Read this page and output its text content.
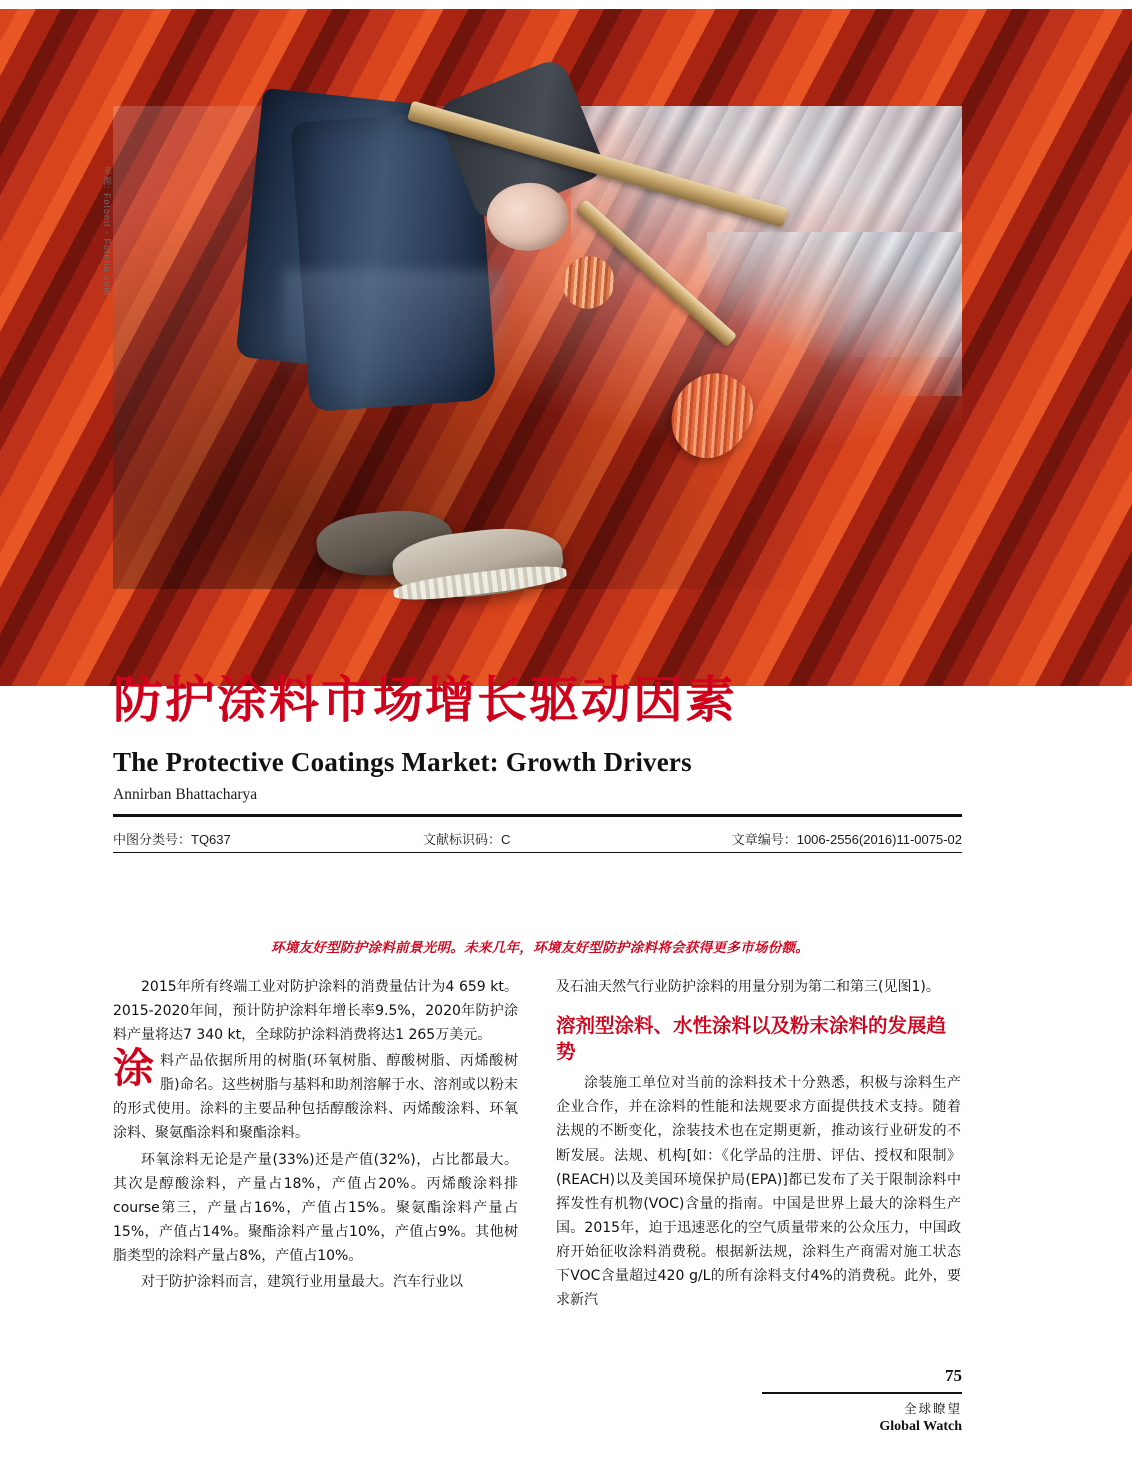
来源: Fotonit - Fotolia.com
防护涂料市场增长驱动因素
The Protective Coatings Market: Growth Drivers
Annirban Bhattacharya
中图分类号：TQ637	文献标识码：C	文章编号：1006-2556(2016)11-0075-02
环境友好型防护涂料前景光明。未来几年，环境友好型防护涂料将会获得更多市场份额。

2015年所有终端工业对防护涂料的消费量估计为4 659 kt。2015-2020年间，预计防护涂料年增长率9.5%，2020年防护涂料产量将达7 340 kt，全球防护涂料消费将达1 265万美元。

涂 料产品依据所用的树脂(环氧树脂、醇酸树脂、丙烯酸树脂)命名。这些树脂与基料和助剂溶解于水、溶剂或以粉末的形式使用。涂料的主要品种包括醇酸涂料、丙烯酸涂料、环氧涂料、聚氨酯涂料和聚酯涂料。

环氧涂料无论是产量(33%)还是产值(32%)，占比都最大。其次是醇酸涂料，产量占18%，产值占20%。丙烯酸涂料排course第三，产量占16%，产值占15%。聚氨酯涂料产量占15%，产值占14%。聚酯涂料产量占10%，产值占9%。其他树脂类型的涂料产量占8%，产值占10%。

对于防护涂料而言，建筑行业用量最大。汽车行业以

及石油天然气行业防护涂料的用量分别为第二和第三(见图1)。

溶剂型涂料、水性涂料以及粉末涂料的发展趋势

涂装施工单位对当前的涂料技术十分熟悉，积极与涂料生产企业合作，并在涂料的性能和法规要求方面提供技术支持。随着法规的不断变化，涂装技术也在定期更新，推动该行业研发的不断发展。法规、机构[如：《化学品的注册、评估、授权和限制》(REACH)以及美国环境保护局(EPA)]都已发布了关于限制涂料中挥发性有机物(VOC)含量的指南。中国是世界上最大的涂料生产国。2015年，迫于迅速恶化的空气质量带来的公众压力，中国政府开始征收涂料消费税。根据新法规，涂料生产商需对施工状态下VOC含量超过420 g/L的所有涂料支付4%的消费税。此外，要求新汽

75
全球瞭望
Global Watch
